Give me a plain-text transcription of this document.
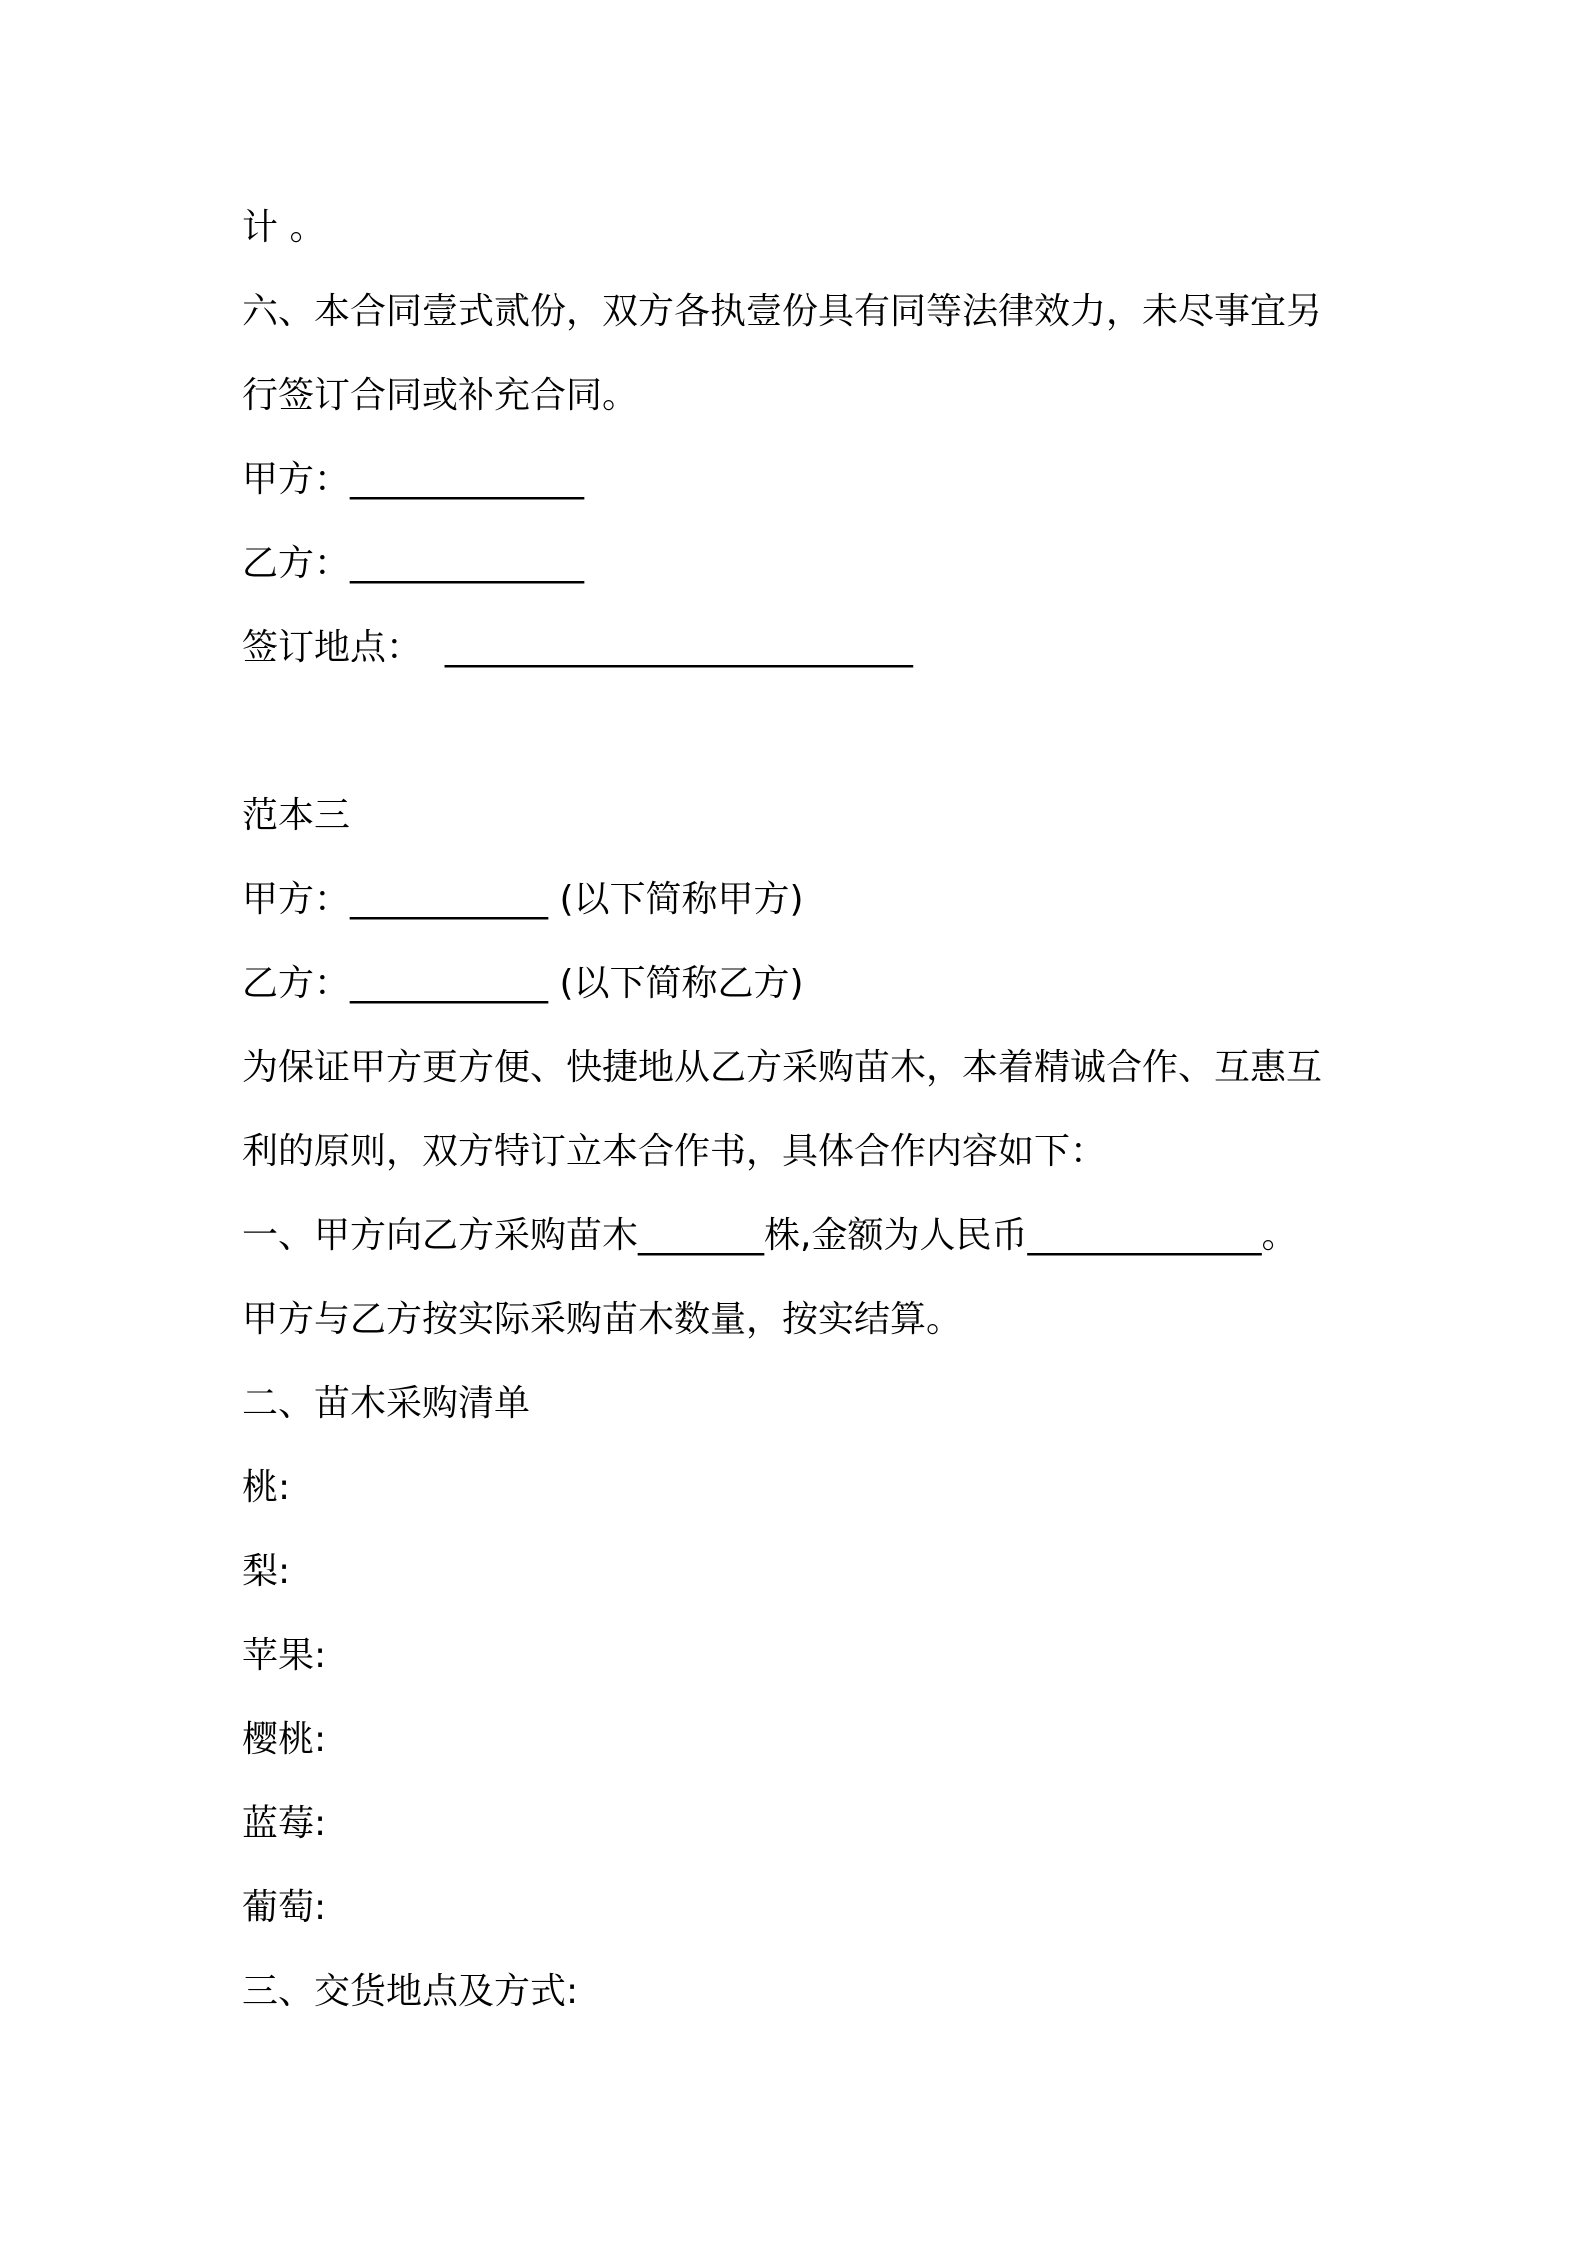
计 。

六、本合同壹式贰份，双方各执壹份具有同等法律效力，未尽事宜另

行签订合同或补充合同。

甲方：_____________

乙方：_____________

签订地点：  __________________________

范本三

甲方：___________ (以下简称甲方)

乙方：___________ (以下简称乙方)

为保证甲方更方便、快捷地从乙方采购苗木，本着精诚合作、互惠互

利的原则，双方特订立本合作书，具体合作内容如下：

一、甲方向乙方采购苗木_______株,金额为人民币_____________。

甲方与乙方按实际采购苗木数量，按实结算。

二、苗木采购清单

桃:

梨:

苹果:

樱桃:

蓝莓:

葡萄:

三、交货地点及方式:
